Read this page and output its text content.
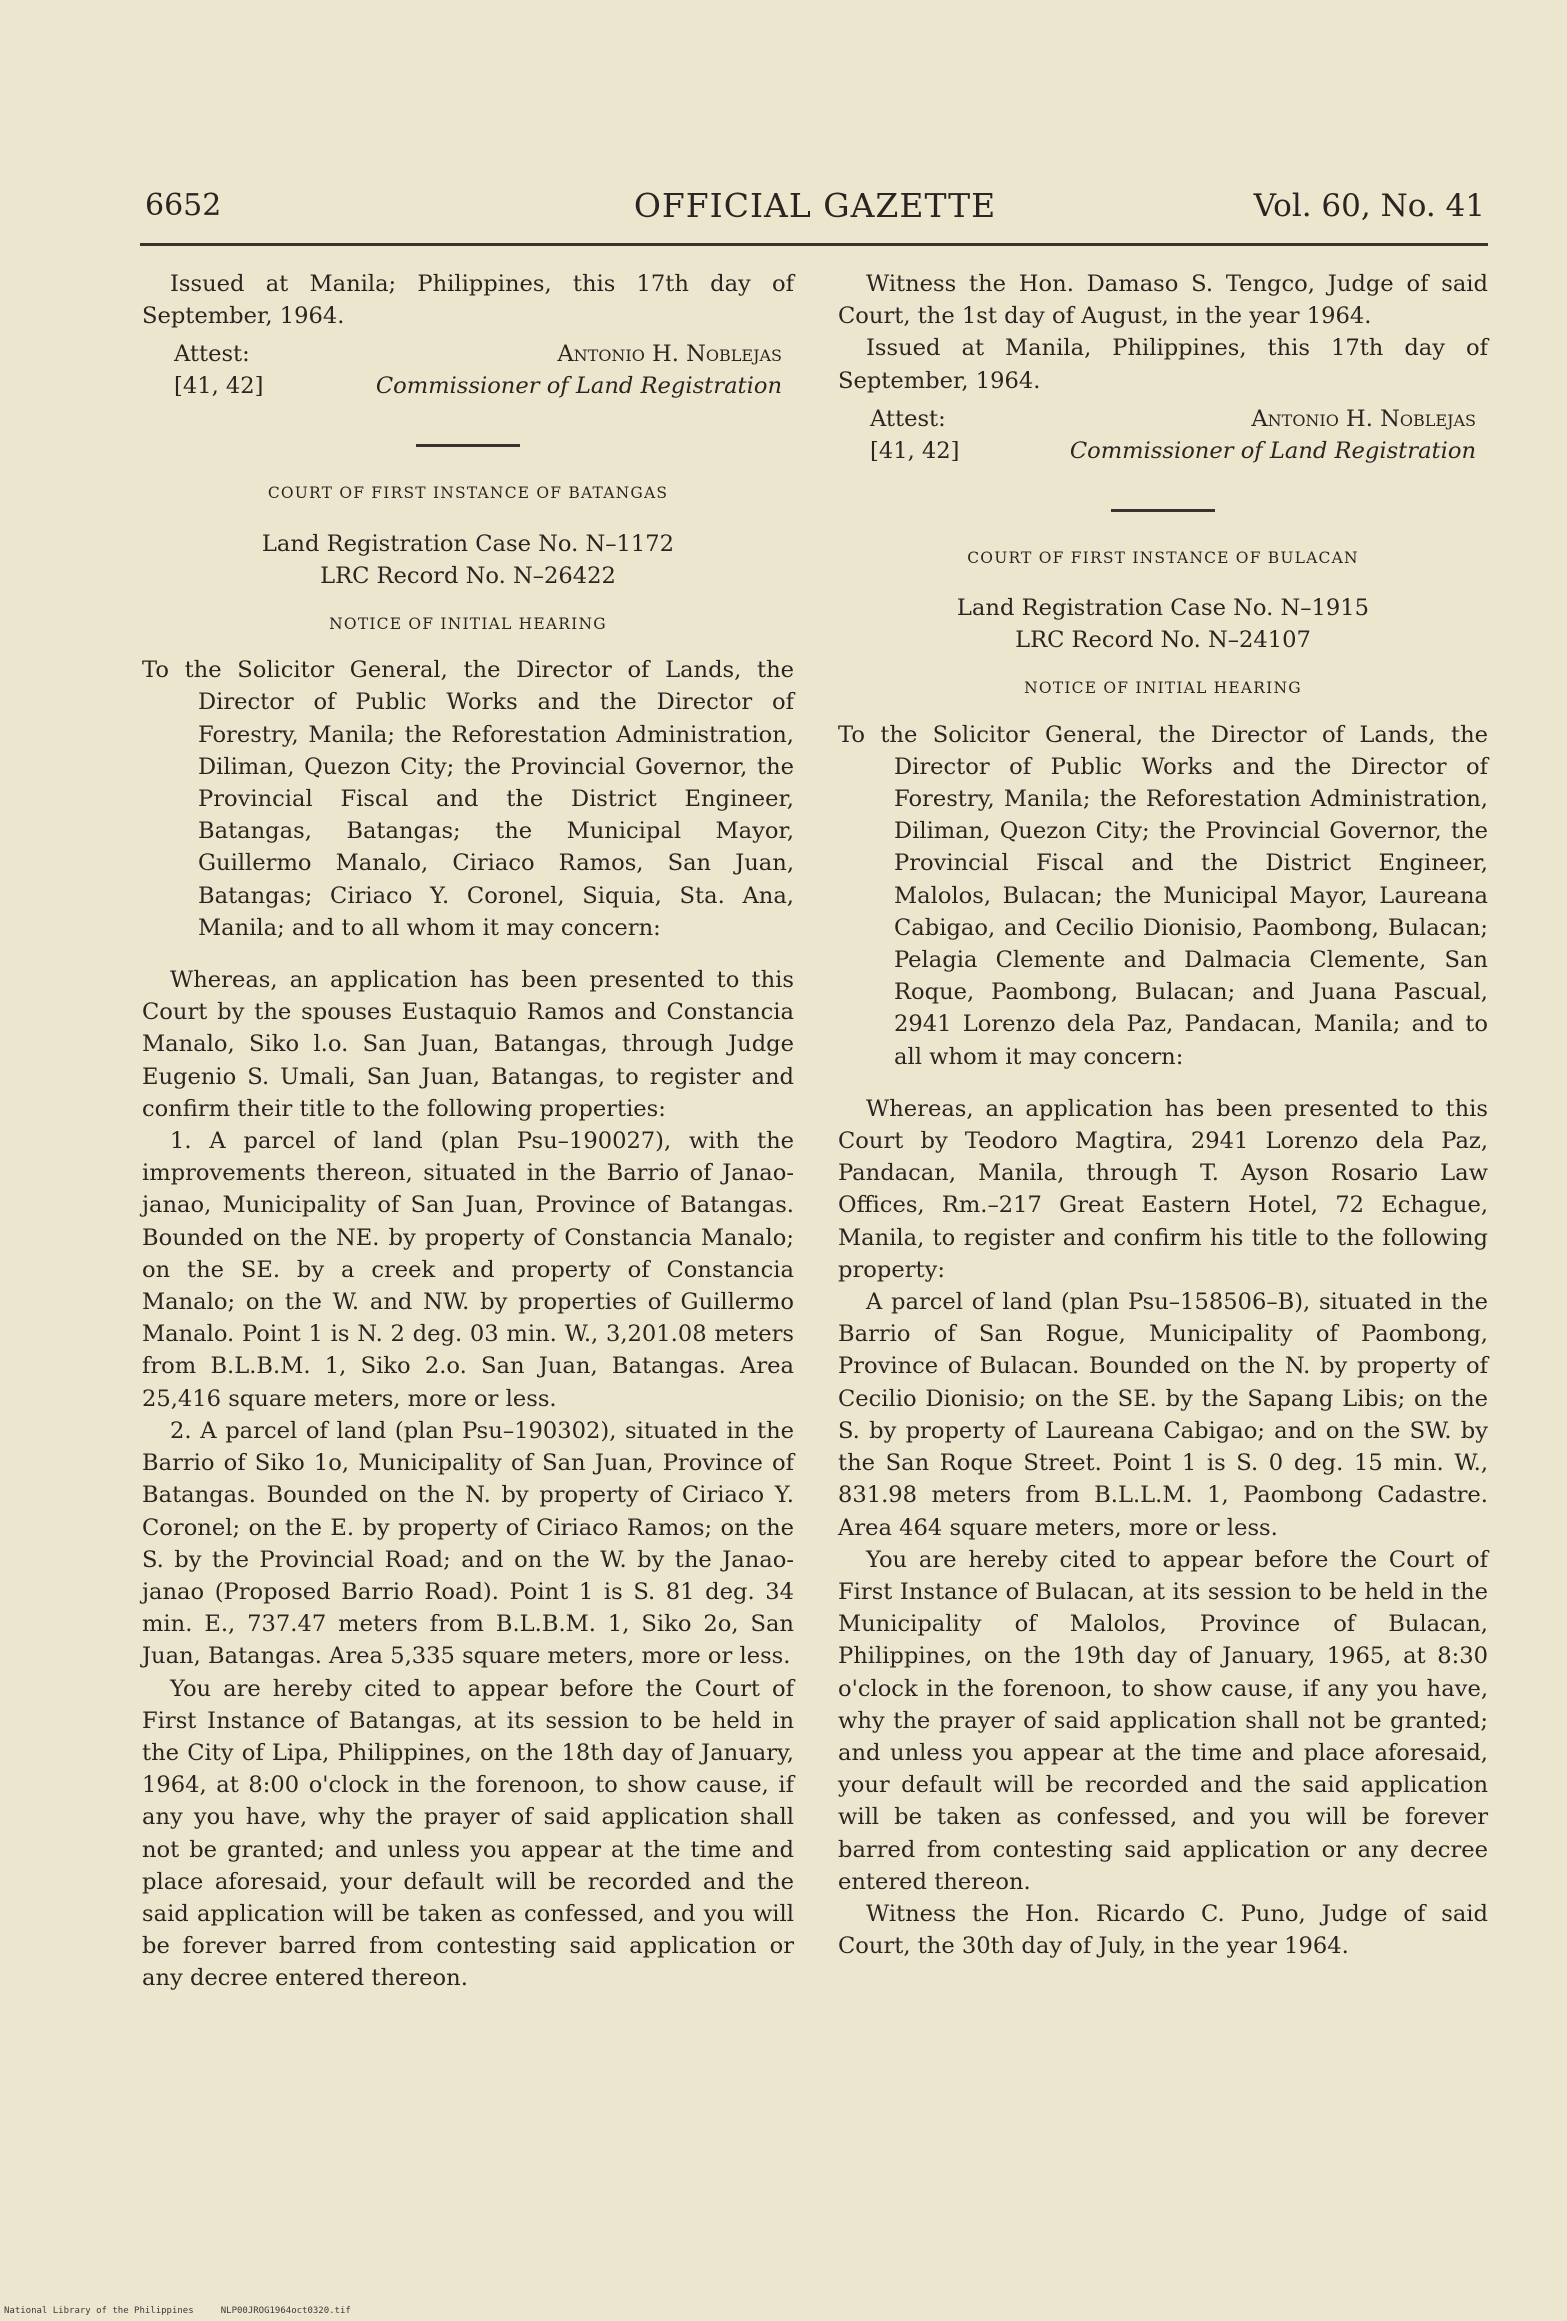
6652	OFFICIAL GAZETTE	Vol. 60, No. 41

Issued at Manila; Philippines, this 17th day of September, 1964.

Attest:
[41, 42]
Antonio H. Noblejas
Commissioner of Land Registration

COURT OF FIRST INSTANCE OF BATANGAS

Land Registration Case No. N–1172

LRC Record No. N–26422

NOTICE OF INITIAL HEARING

To the Solicitor General, the Director of Lands, the Director of Public Works and the Director of Forestry, Manila; the Reforestation Administration, Diliman, Quezon City; the Provincial Governor, the Provincial Fiscal and the District Engineer, Batangas, Batangas; the Municipal Mayor, Guillermo Manalo, Ciriaco Ramos, San Juan, Batangas; Ciriaco Y. Coronel, Siquia, Sta. Ana, Manila; and to all whom it may concern:

Whereas, an application has been presented to this Court by the spouses Eustaquio Ramos and Constancia Manalo, Siko l.o. San Juan, Batangas, through Judge Eugenio S. Umali, San Juan, Batangas, to register and confirm their title to the following properties:

1. A parcel of land (plan Psu–190027), with the improvements thereon, situated in the Barrio of Janao-janao, Municipality of San Juan, Province of Batangas. Bounded on the NE. by property of Constancia Manalo; on the SE. by a creek and property of Constancia Manalo; on the W. and NW. by properties of Guillermo Manalo. Point 1 is N. 2 deg. 03 min. W., 3,201.08 meters from B.L.B.M. 1, Siko 2.o. San Juan, Batangas. Area 25,416 square meters, more or less.

2. A parcel of land (plan Psu–190302), situated in the Barrio of Siko 1o, Municipality of San Juan, Province of Batangas. Bounded on the N. by property of Ciriaco Y. Coronel; on the E. by property of Ciriaco Ramos; on the S. by the Provincial Road; and on the W. by the Janao-janao (Proposed Barrio Road). Point 1 is S. 81 deg. 34 min. E., 737.47 meters from B.L.B.M. 1, Siko 2o, San Juan, Batangas. Area 5,335 square meters, more or less.

You are hereby cited to appear before the Court of First Instance of Batangas, at its session to be held in the City of Lipa, Philippines, on the 18th day of January, 1964, at 8:00 o'clock in the forenoon, to show cause, if any you have, why the prayer of said application shall not be granted; and unless you appear at the time and place aforesaid, your default will be recorded and the said application will be taken as confessed, and you will be forever barred from contesting said application or any decree entered thereon.

Witness the Hon. Damaso S. Tengco, Judge of said Court, the 1st day of August, in the year 1964.

Issued at Manila, Philippines, this 17th day of September, 1964.

Attest:
[41, 42]
Antonio H. Noblejas
Commissioner of Land Registration

COURT OF FIRST INSTANCE OF BULACAN

Land Registration Case No. N–1915

LRC Record No. N–24107

NOTICE OF INITIAL HEARING

To the Solicitor General, the Director of Lands, the Director of Public Works and the Director of Forestry, Manila; the Reforestation Administration, Diliman, Quezon City; the Provincial Governor, the Provincial Fiscal and the District Engineer, Malolos, Bulacan; the Municipal Mayor, Laureana Cabigao, and Cecilio Dionisio, Paombong, Bulacan; Pelagia Clemente and Dalmacia Clemente, San Roque, Paombong, Bulacan; and Juana Pascual, 2941 Lorenzo dela Paz, Pandacan, Manila; and to all whom it may concern:

Whereas, an application has been presented to this Court by Teodoro Magtira, 2941 Lorenzo dela Paz, Pandacan, Manila, through T. Ayson Rosario Law Offices, Rm.–217 Great Eastern Hotel, 72 Echague, Manila, to register and confirm his title to the following property:

A parcel of land (plan Psu–158506–B), situated in the Barrio of San Rogue, Municipality of Paombong, Province of Bulacan. Bounded on the N. by property of Cecilio Dionisio; on the SE. by the Sapang Libis; on the S. by property of Laureana Cabigao; and on the SW. by the San Roque Street. Point 1 is S. 0 deg. 15 min. W., 831.98 meters from B.L.L.M. 1, Paombong Cadastre. Area 464 square meters, more or less.

You are hereby cited to appear before the Court of First Instance of Bulacan, at its session to be held in the Municipality of Malolos, Province of Bulacan, Philippines, on the 19th day of January, 1965, at 8:30 o'clock in the forenoon, to show cause, if any you have, why the prayer of said application shall not be granted; and unless you appear at the time and place aforesaid, your default will be recorded and the said application will be taken as confessed, and you will be forever barred from contesting said application or any decree entered thereon.

Witness the Hon. Ricardo C. Puno, Judge of said Court, the 30th day of July, in the year 1964.

National Library of the Philippines	NLP00JROG1964oct0320.tif
